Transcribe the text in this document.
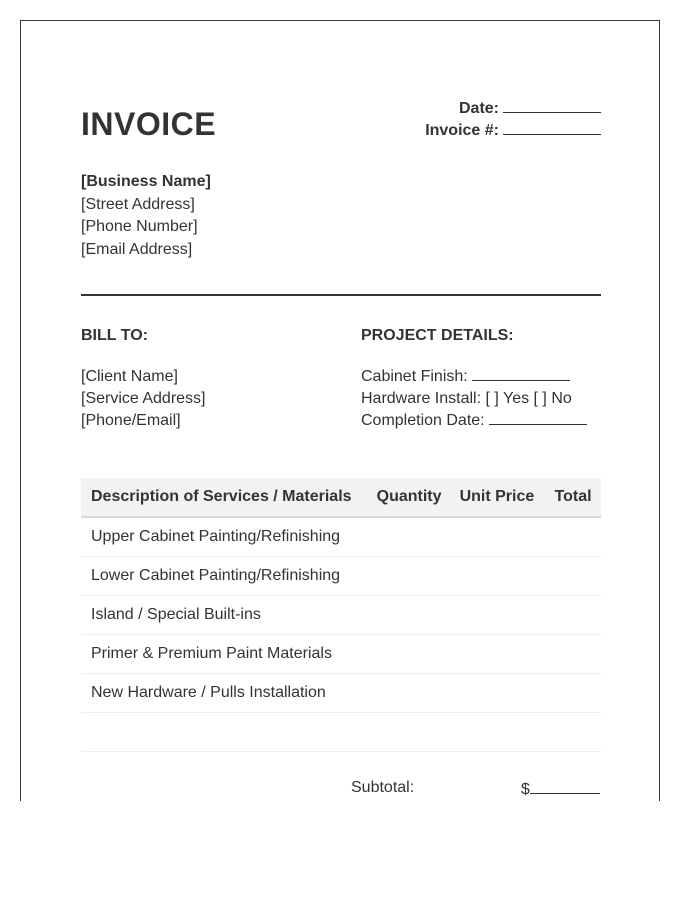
INVOICE	Date:
Invoice #:
[Business Name]
[Street Address]
[Phone Number]
[Email Address]
BILL TO:	PROJECT DETAILS:
[Client Name]
[Service Address]
[Phone/Email]
Cabinet Finish:
Hardware Install: [ ] Yes [ ] No
Completion Date:
Description of Services / Materials	Quantity	Unit Price	Total
Upper Cabinet Painting/Refinishing			
Lower Cabinet Painting/Refinishing			
Island / Special Built-ins			
Primer & Premium Paint Materials			
New Hardware / Pulls Installation			

Subtotal:	$
